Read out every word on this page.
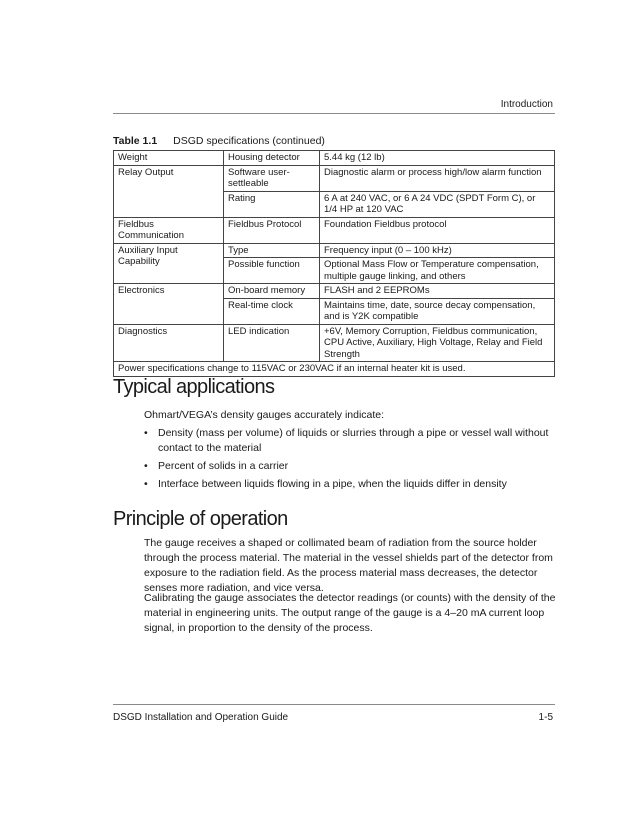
Introduction
Table 1.1 DSGD specifications (continued)
Weight	Housing detector	5.44 kg (12 lb)
Relay Output	Software user-settleable	Diagnostic alarm or process high/low alarm function
	Rating	6 A at 240 VAC, or 6 A 24 VDC (SPDT Form C), or 1/4 HP at 120 VAC
Fieldbus Communication	Fieldbus Protocol	Foundation Fieldbus protocol
Auxiliary Input Capability	Type	Frequency input (0 – 100 kHz)
	Possible function	Optional Mass Flow or Temperature compensation, multiple gauge linking, and others
Electronics	On-board memory	FLASH and 2 EEPROMs
	Real-time clock	Maintains time, date, source decay compensation, and is Y2K compatible
Diagnostics	LED indication	+6V, Memory Corruption, Fieldbus communication, CPU Active, Auxiliary, High Voltage, Relay and Field Strength
Power specifications change to 115VAC or 230VAC if an internal heater kit is used.		
Typical applications

Ohmart/VEGA’s density gauges accurately indicate:

• Density (mass per volume) of liquids or slurries through a pipe or vessel wall without contact to the material
• Percent of solids in a carrier
• Interface between liquids flowing in a pipe, when the liquids differ in density
Principle of operation

The gauge receives a shaped or collimated beam of radiation from the source holder through the process material. The material in the vessel shields part of the detector from exposure to the radiation field. As the process material mass decreases, the detector senses more radiation, and vice versa.

Calibrating the gauge associates the detector readings (or counts) with the density of the material in engineering units. The output range of the gauge is a 4–20 mA current loop signal, in proportion to the density of the process.

DSGD Installation and Operation Guide	1-5
